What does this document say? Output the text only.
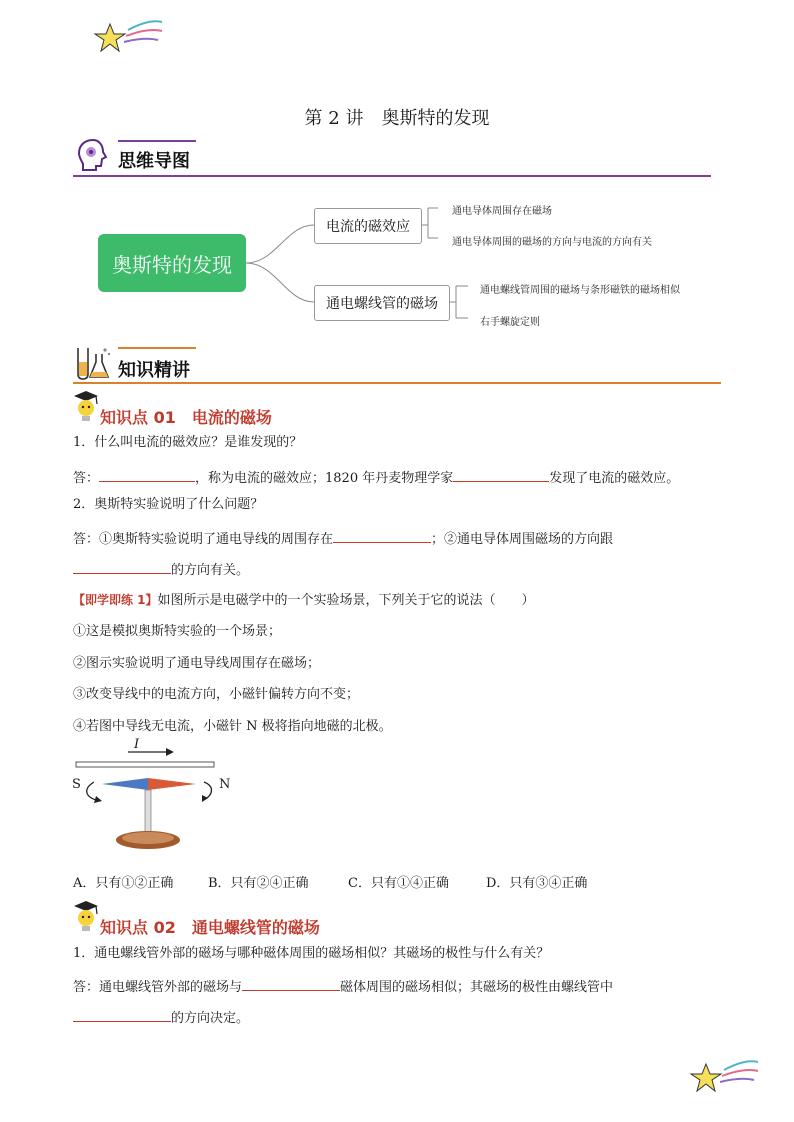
第 2 讲　奥斯特的发现
思维导图
奥斯特的发现
电流的磁效应
通电螺线管的磁场
通电导体周围存在磁场
通电导体周围的磁场的方向与电流的方向有关
通电螺线管周围的磁场与条形磁铁的磁场相似
右手螺旋定则
知识精讲
知识点 01　电流的磁场
1．什么叫电流的磁效应？是谁发现的？
答：	，称为电流的磁效应；1820 年丹麦物理学家	发现了电流的磁效应。
2．奥斯特实验说明了什么问题？
答：①奥斯特实验说明了通电导线的周围存在	；②通电导体周围磁场的方向跟
的方向有关。
【即学即练 1】如图所示是电磁学中的一个实验场景，下列关于它的说法（　　）
①这是模拟奥斯特实验的一个场景；
②图示实验说明了通电导线周围存在磁场；
③改变导线中的电流方向，小磁针偏转方向不变；
④若图中导线无电流，小磁针 N 极将指向地磁的北极。
I
S	N
A．只有①②正确	B．只有②④正确	C．只有①④正确	D．只有③④正确
知识点 02　通电螺线管的磁场
1．通电螺线管外部的磁场与哪种磁体周围的磁场相似？其磁场的极性与什么有关？
答：通电螺线管外部的磁场与	磁体周围的磁场相似；其磁场的极性由螺线管中
的方向决定。
